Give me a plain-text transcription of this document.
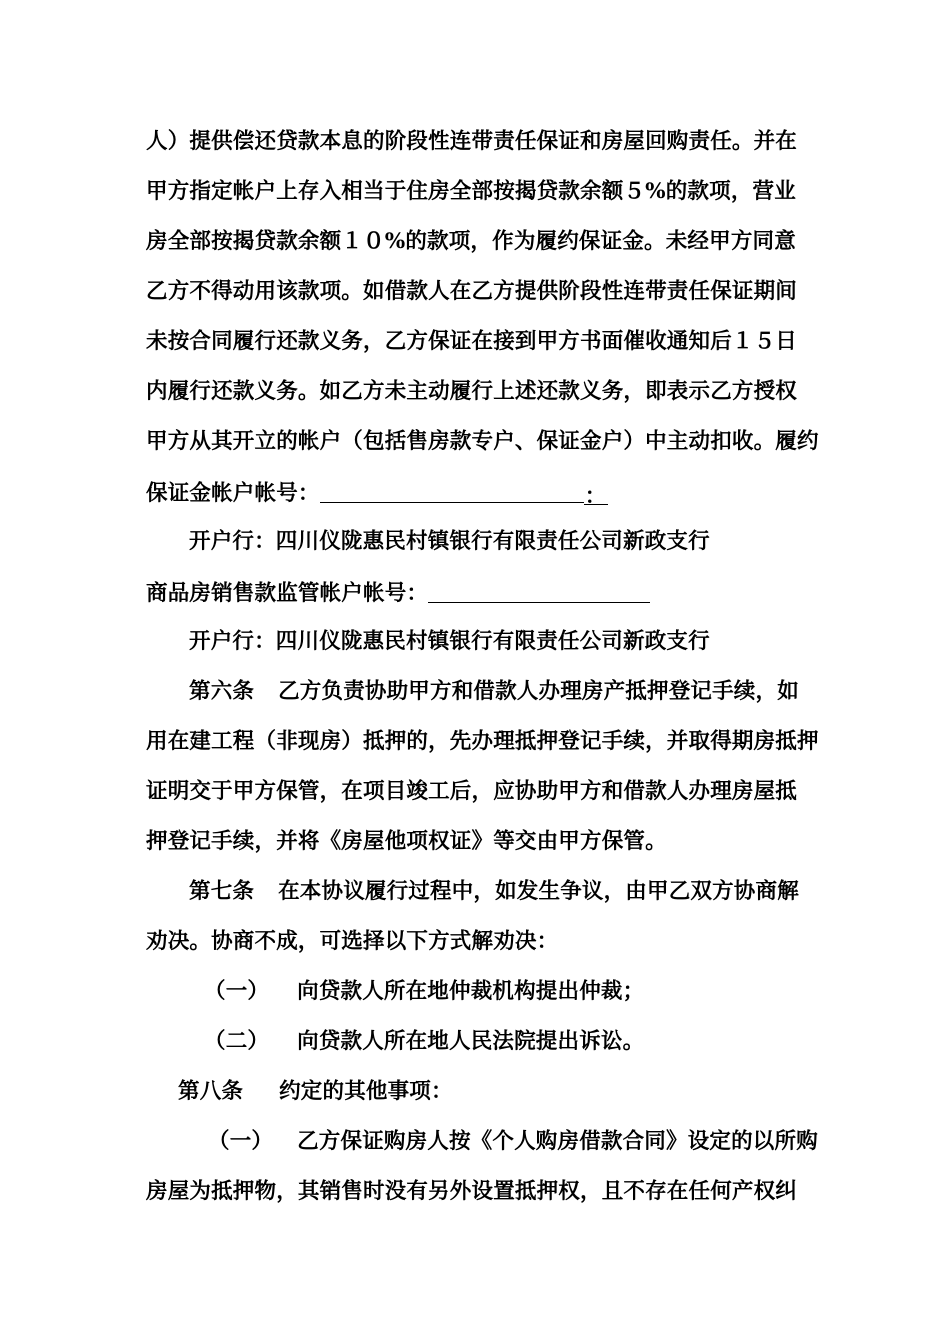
人）提供偿还贷款本息的阶段性连带责任保证和房屋回购责任。并在
甲方指定帐户上存入相当于住房全部按揭贷款余额５%的款项，营业
房全部按揭贷款余额１０%的款项，作为履约保证金。未经甲方同意
乙方不得动用该款项。如借款人在乙方提供阶段性连带责任保证期间
未按合同履行还款义务，乙方保证在接到甲方书面催收通知后１５日
内履行还款义务。如乙方未主动履行上述还款义务，即表示乙方授权
甲方从其开立的帐户（包括售房款专户、保证金户）中主动扣收。履约
保证金帐户帐号：	：
开户行：四川仪陇惠民村镇银行有限责任公司新政支行
商品房销售款监管帐户帐号：
开户行：四川仪陇惠民村镇银行有限责任公司新政支行
第六条 乙方负责协助甲方和借款人办理房产抵押登记手续，如
用在建工程（非现房）抵押的，先办理抵押登记手续，并取得期房抵押
证明交于甲方保管，在项目竣工后，应协助甲方和借款人办理房屋抵
押登记手续，并将《房屋他项权证》等交由甲方保管。
第七条 在本协议履行过程中，如发生争议，由甲乙双方协商解
劝决。协商不成，可选择以下方式解劝决：
（一） 向贷款人所在地仲裁机构提出仲裁；
（二） 向贷款人所在地人民法院提出诉讼。
第八条 约定的其他事项：
（一） 乙方保证购房人按《个人购房借款合同》设定的以所购
房屋为抵押物，其销售时没有另外设置抵押权，且不存在任何产权纠
